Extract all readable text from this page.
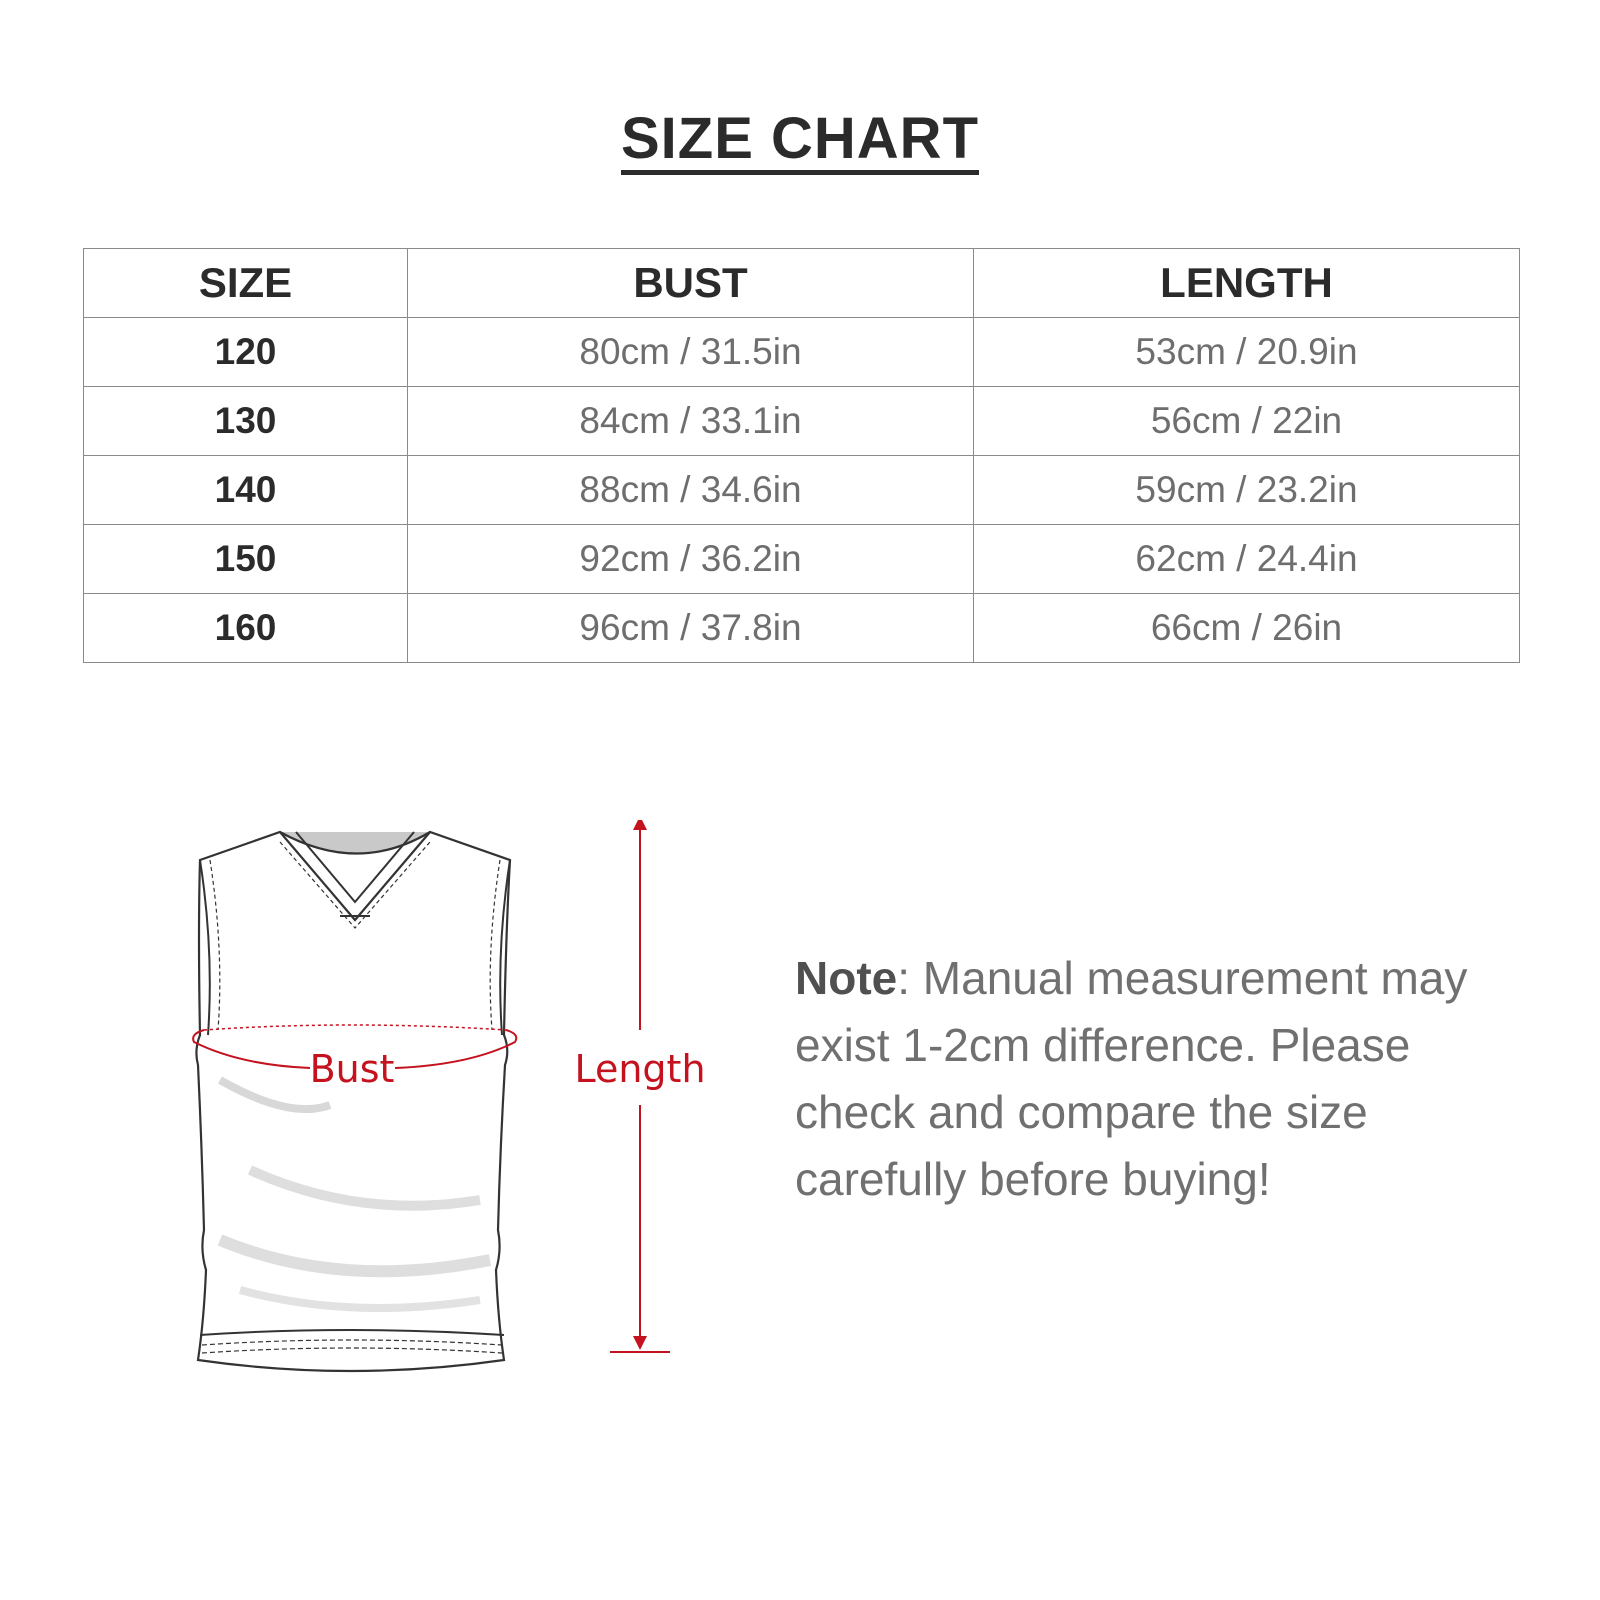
SIZE CHART
SIZE	BUST	LENGTH
120	80cm / 31.5in	53cm / 20.9in
130	84cm / 33.1in	56cm / 22in
140	88cm / 34.6in	59cm / 23.2in
150	92cm / 36.2in	62cm / 24.4in
160	96cm / 37.8in	66cm / 26in
Bust	Length
Note: Manual measurement may exist 1-2cm difference. Please check and compare the size carefully before buying!
